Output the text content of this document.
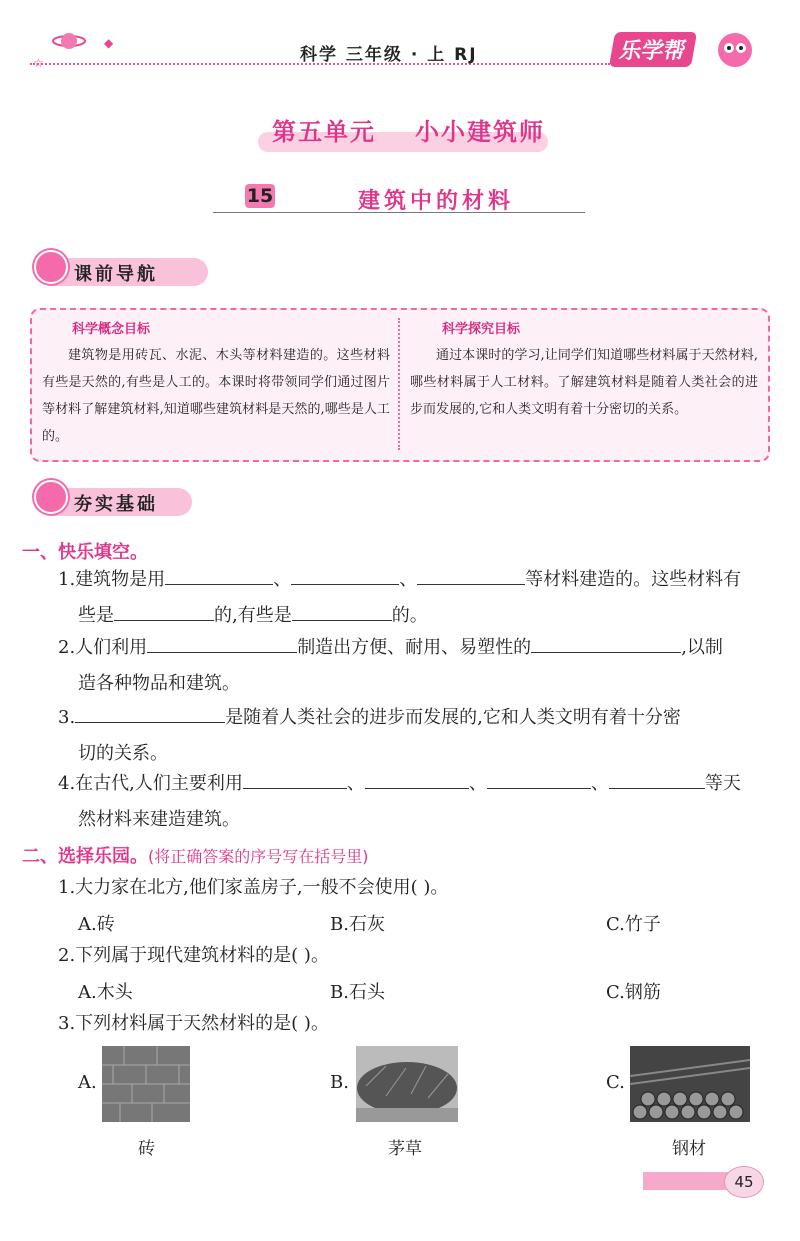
☆
◆
科学 三年级 · 上 RJ	乐学帮
第五单元 小小建筑师
15	建筑中的材料
课前导航
科学概念目标

建筑物是用砖瓦、水泥、木头等材料建造的。这些材料有些是天然的,有些是人工的。本课时将带领同学们通过图片等材料了解建筑材料,知道哪些建筑材料是天然的,哪些是人工的。

科学探究目标

通过本课时的学习,让同学们知道哪些材料属于天然材料,哪些材料属于人工材料。了解建筑材料是随着人类社会的进步而发展的,它和人类文明有着十分密切的关系。

夯实基础
一、快乐填空。
1.建筑物是用	、	、	等材料建造的。这些材料有
些是	的,有些是	的。
2.人们利用	制造出方便、耐用、易塑性的	,以制
造各种物品和建筑。
3.	是随着人类社会的进步而发展的,它和人类文明有着十分密
切的关系。
4.在古代,人们主要利用	、	、	、	等天
然材料来建造建筑。
二、选择乐园。(将正确答案的序号写在括号里)
1.大力家在北方,他们家盖房子,一般不会使用( )。
A.砖	B.石灰	C.竹子
2.下列属于现代建筑材料的是( )。
A.木头	B.石头	C.钢筋
3.下列材料属于天然材料的是( )。
A.
砖
B.
茅草
C.
钢材
45
